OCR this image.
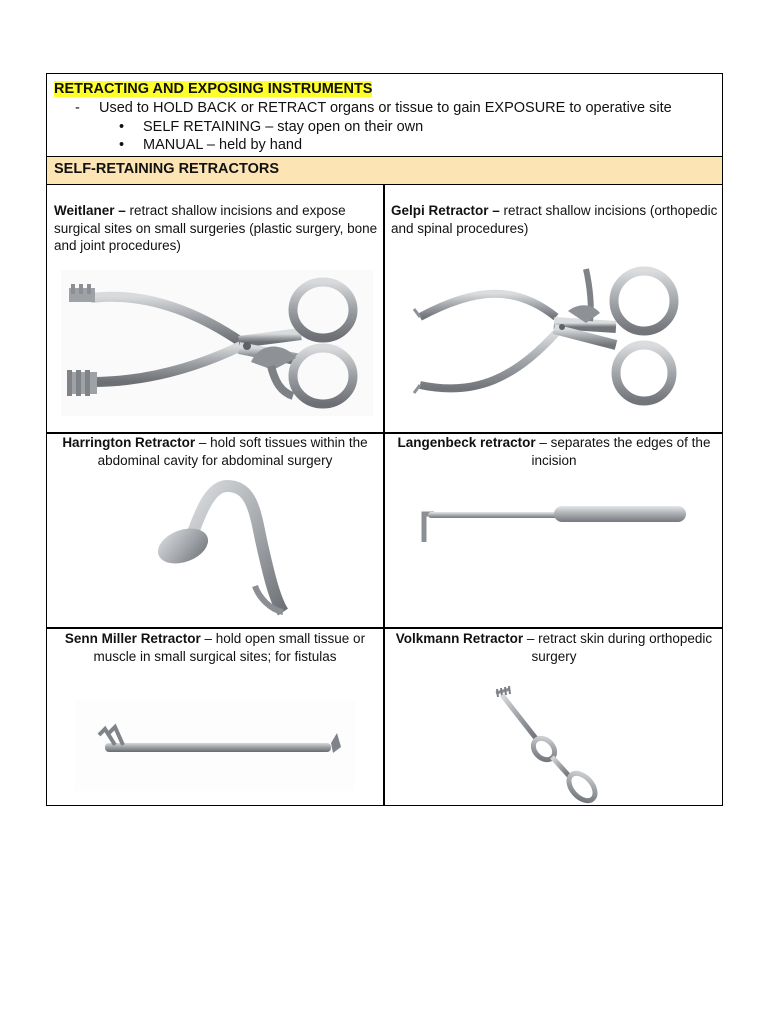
RETRACTING AND EXPOSING INSTRUMENTS
- Used to HOLD BACK or RETRACT organs or tissue to gain EXPOSURE to operative site
• SELF RETAINING – stay open on their own
• MANUAL – held by hand
SELF-RETAINING RETRACTORS
Weitlaner – retract shallow incisions and expose surgical sites on small surgeries (plastic surgery, bone and joint procedures)
Gelpi Retractor – retract shallow incisions (orthopedic and spinal procedures)
Harrington Retractor – hold soft tissues within the abdominal cavity for abdominal surgery
Langenbeck retractor – separates the edges of the incision
Senn Miller Retractor – hold open small tissue or muscle in small surgical sites; for fistulas
Volkmann Retractor – retract skin during orthopedic surgery
